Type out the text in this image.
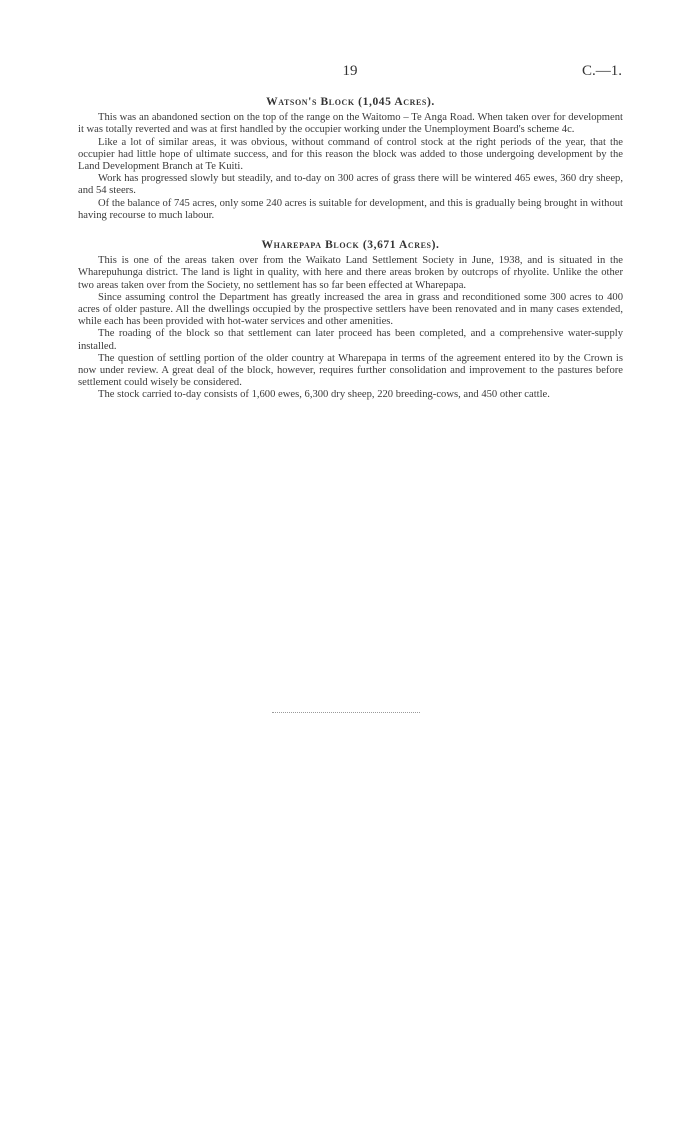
19	C.—1.
Watson's Block (1,045 Acres).

This was an abandoned section on the top of the range on the Waitomo – Te Anga Road. When taken over for development it was totally reverted and was at first handled by the occupier working under the Unemployment Board's scheme 4c.

Like a lot of similar areas, it was obvious, without command of control stock at the right periods of the year, that the occupier had little hope of ultimate success, and for this reason the block was added to those undergoing development by the Land Development Branch at Te Kuiti.

Work has progressed slowly but steadily, and to-day on 300 acres of grass there will be wintered 465 ewes, 360 dry sheep, and 54 steers.

Of the balance of 745 acres, only some 240 acres is suitable for development, and this is gradually being brought in without having recourse to much labour.

Wharepapa Block (3,671 Acres).

This is one of the areas taken over from the Waikato Land Settlement Society in June, 1938, and is situated in the Wharepuhunga district. The land is light in quality, with here and there areas broken by outcrops of rhyolite. Unlike the other two areas taken over from the Society, no settlement has so far been effected at Wharepapa.

Since assuming control the Department has greatly increased the area in grass and reconditioned some 300 acres to 400 acres of older pasture. All the dwellings occupied by the prospective settlers have been renovated and in many cases extended, while each has been provided with hot-water services and other amenities.

The roading of the block so that settlement can later proceed has been completed, and a comprehensive water-supply installed.

The question of settling portion of the older country at Wharepapa in terms of the agreement entered ito by the Crown is now under review. A great deal of the block, however, requires further consolidation and improvement to the pastures before settlement could wisely be considered.

The stock carried to-day consists of 1,600 ewes, 6,300 dry sheep, 220 breeding-cows, and 450 other cattle.
